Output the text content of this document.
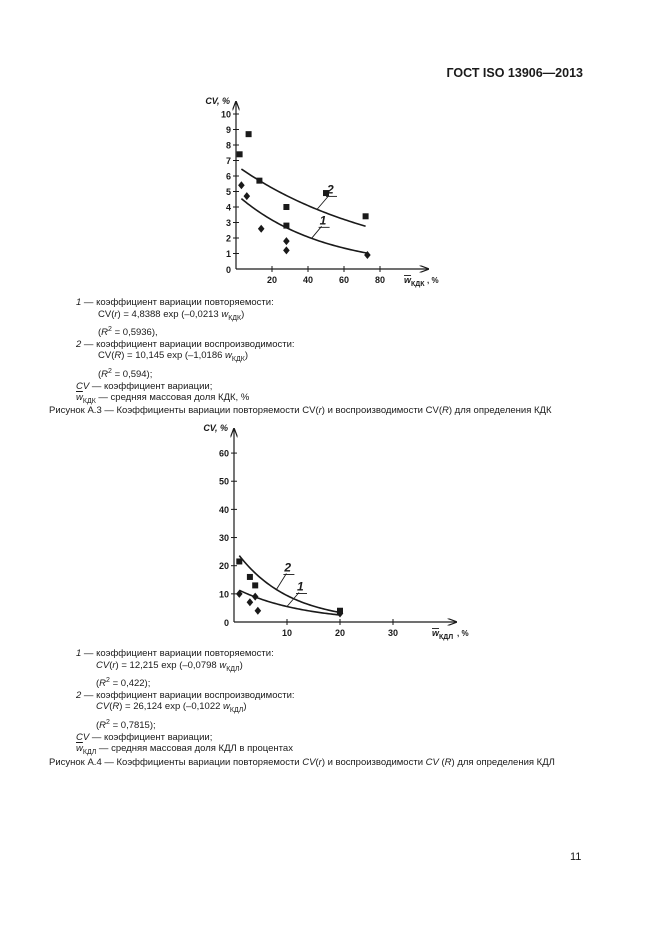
ГОСТ ISO 13906—2013
1
2
3
4
5
6
7
8
9
10
0
20	40	60	80
CV, %
w КДК , %
1
2
1 — коэффициент вариации повторяемости:
CV(r) = 4,8388 exp (–0,0213 $w_{КДК}$)
$(R^2 = 0,5936)$,
2 — коэффициент вариации воспроизводимости:
CV(R) = 10,145 exp (–1,0186 $w_{КДК}$)
$(R^2 = 0,594)$;
CV — коэффициент вариации;
$\overline{w}_{КДК}$ — средняя массовая доля КДК, %
Рисунок А.3 — Коэффициенты вариации повторяемости CV(r) и воспроизводимости CV(R) для определения КДК
10
20
30
40
50
60
0
10	20	30
CV, %
w КДЛ , %
1
2
1 — коэффициент вариации повторяемости:
CV(r) = 12,215 exp (–0,0798 $w_{КДЛ}$)
$(R^2 = 0,422)$;
2 — коэффициент вариации воспроизводимости:
CV(R) = 26,124 exp (–0,1022 $w_{КДЛ}$)
$(R^2 = 0,7815)$;
CV — коэффициент вариации;
$\overline{w}_{КДЛ}$ — средняя массовая доля КДЛ в процентах
Рисунок А.4 — Коэффициенты вариации повторяемости CV(r) и воспроизводимости CV (R) для определения КДЛ
11
